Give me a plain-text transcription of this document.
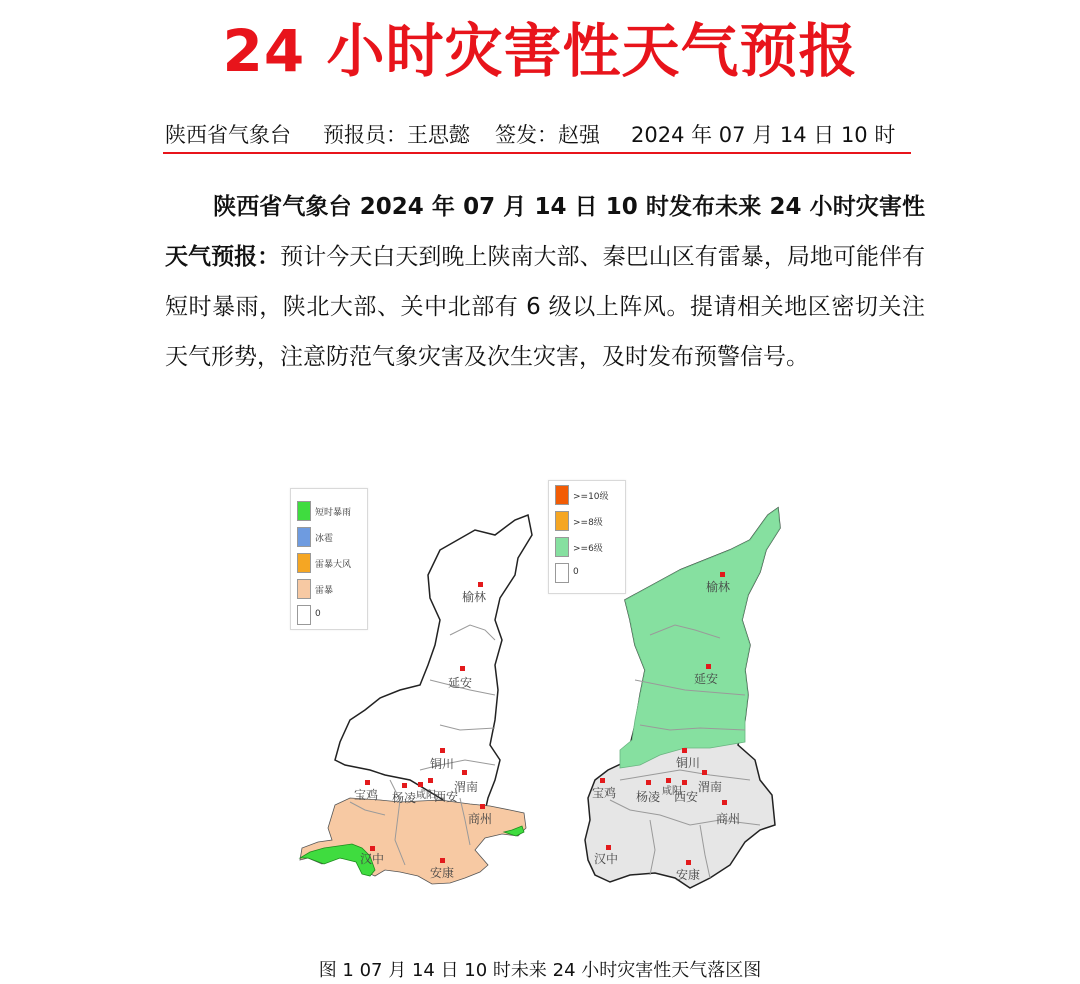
24 小时灾害性天气预报
陕西省气象台 预报员：王思懿 签发：赵强 2024 年 07 月 14 日 10 时
陕西省气象台 2024 年 07 月 14 日 10 时发布未来 24 小时灾害性天气预报：预计今天白天到晚上陕南大部、秦巴山区有雷暴，局地可能伴有短时暴雨，陕北大部、关中北部有 6 级以上阵风。提请相关地区密切关注天气形势，注意防范气象灾害及次生灾害，及时发布预警信号。
短时暴雨
冰雹
雷暴大风
雷暴
0
>=10级
>=8级
>=6级
0
榆林
延安
铜川
渭南
宝鸡 杨凌 咸阳
西安
商州
汉中
安康
榆林
延安
铜川
渭南
宝鸡 杨凌 咸阳
西安
商州
汉中
安康
图 1 07 月 14 日 10 时未来 24 小时灾害性天气落区图
